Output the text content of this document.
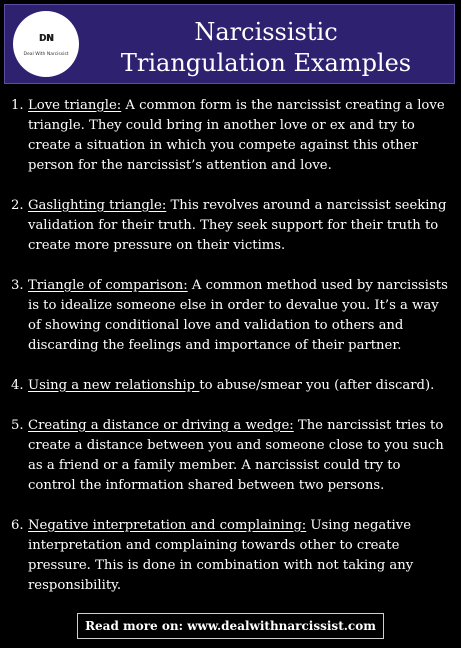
ᴅɴ
Deal With Narcissist
Narcissistic
Triangulation Examples
1. Love triangle: A common form is the narcissist creating a love triangle. They could bring in another love or ex and try to create a situation in which you compete against this other person for the narcissist’s attention and love.
2. Gaslighting triangle: This revolves around a narcissist seeking validation for their truth. They seek support for their truth to create more pressure on their victims.
3. Triangle of comparison: A common method used by narcissists is to idealize someone else in order to devalue you. It’s a way of showing conditional love and validation to others and discarding the feelings and importance of their partner.
4. Using a new relationship to abuse/smear you (after discard).
5. Creating a distance or driving a wedge: The narcissist tries to create a distance between you and someone close to you such as a friend or a family member. A narcissist could try to control the information shared between two persons.
6. Negative interpretation and complaining: Using negative interpretation and complaining towards other to create pressure. This is done in combination with not taking any responsibility.
Read more on: www.dealwithnarcissist.com
